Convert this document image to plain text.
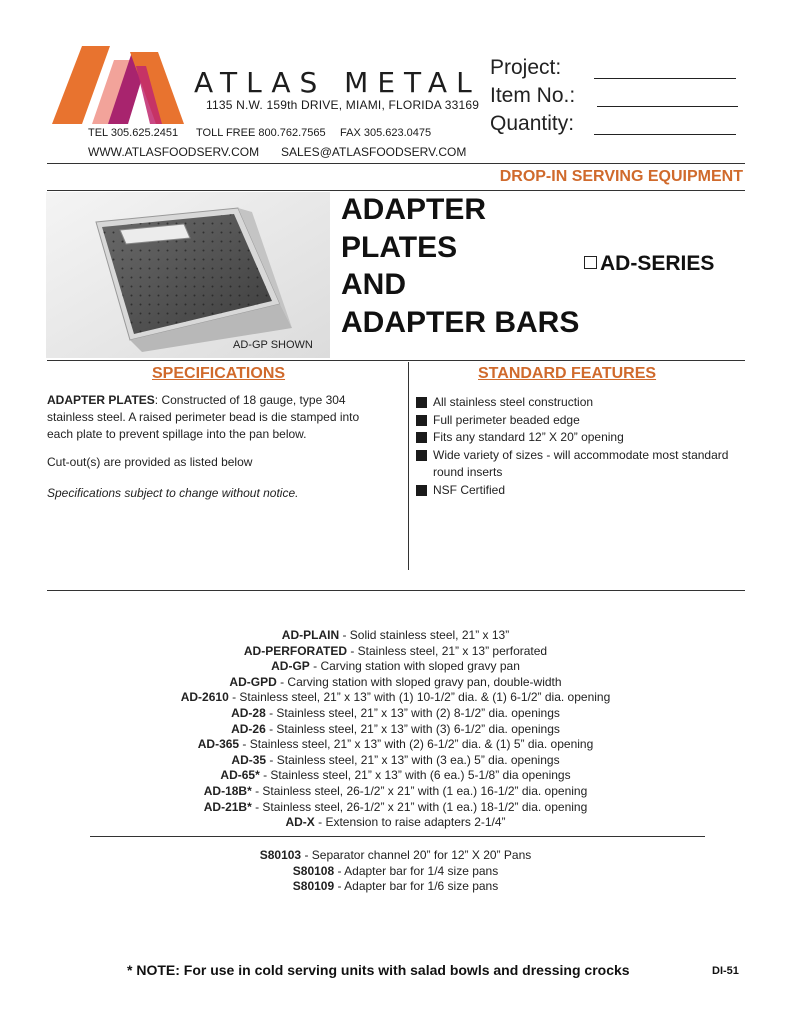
ATLAS METAL
1135 N.W. 159th DRIVE, MIAMI, FLORIDA 33169
TEL 305.625.2451 TOLL FREE 800.762.7565 FAX 305.623.0475
WWW.ATLASFOODSERV.COM SALES@ATLASFOODSERV.COM
Project:
Item No.:
Quantity:
DROP-IN SERVING EQUIPMENT
AD-GP SHOWN
ADAPTER
PLATES
AND
ADAPTER BARS
AD-SERIES
SPECIFICATIONS
ADAPTER PLATES: Constructed of 18 gauge, type 304 stainless steel. A raised perimeter bead is die stamped into each plate to prevent spillage into the pan below.
Cut-out(s) are provided as listed below
Specifications subject to change without notice.
STANDARD FEATURES
All stainless steel construction
Full perimeter beaded edge
Fits any standard 12” X 20” opening
Wide variety of sizes - will accommodate most standard round inserts
NSF Certified
AD-PLAIN - Solid stainless steel, 21” x 13”
AD-PERFORATED - Stainless steel, 21” x 13” perforated
AD-GP - Carving station with sloped gravy pan
AD-GPD - Carving station with sloped gravy pan, double-width
AD-2610 - Stainless steel, 21” x 13” with (1) 10-1/2” dia. & (1) 6-1/2” dia. opening
AD-28 - Stainless steel, 21” x 13” with (2) 8-1/2” dia. openings
AD-26 - Stainless steel, 21” x 13” with (3) 6-1/2” dia. openings
AD-365 - Stainless steel, 21” x 13” with (2) 6-1/2” dia. & (1) 5” dia. opening
AD-35 - Stainless steel, 21” x 13” with (3 ea.) 5” dia. openings
AD-65* - Stainless steel, 21” x 13” with (6 ea.) 5-1/8” dia openings
AD-18B* - Stainless steel, 26-1/2” x 21” with (1 ea.) 16-1/2” dia. opening
AD-21B* - Stainless steel, 26-1/2” x 21” with (1 ea.) 18-1/2” dia. opening
AD-X - Extension to raise adapters 2-1/4”
S80103 - Separator channel 20” for 12” X 20” Pans
S80108 - Adapter bar for 1/4 size pans
S80109 - Adapter bar for 1/6 size pans
* NOTE: For use in cold serving units with salad bowls and dressing crocks	DI-51
